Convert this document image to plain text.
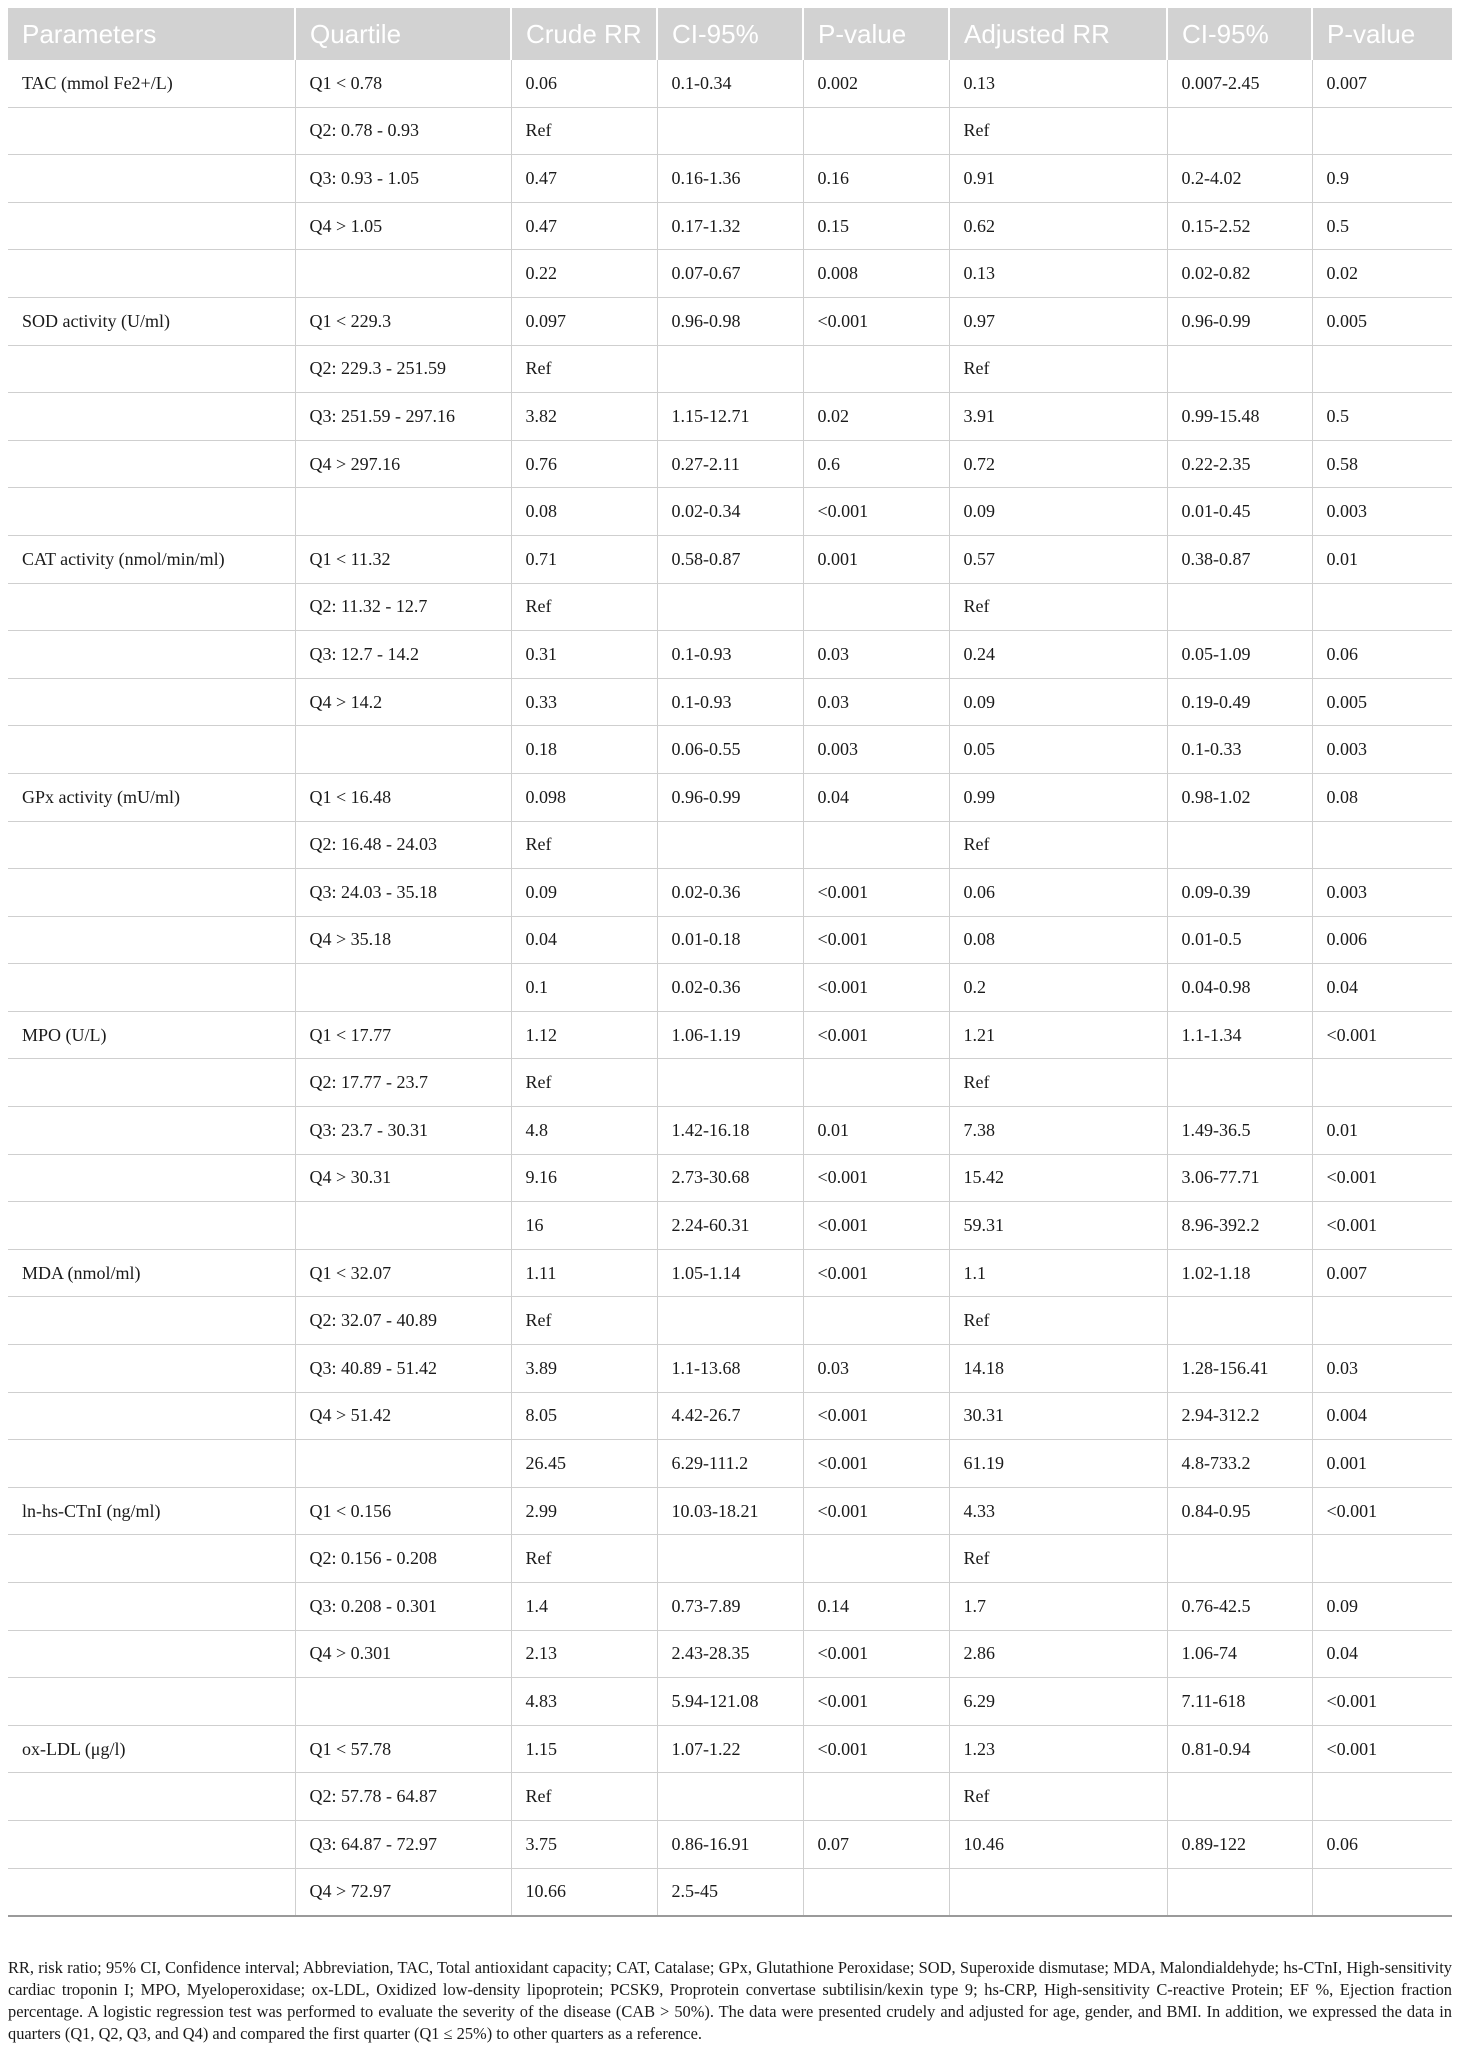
Parameters	Quartile	Crude RR	CI-95%	P-value	Adjusted RR	CI-95%	P-value
TAC (mmol Fe2+/L)	Q1 < 0.78	0.06	0.1-0.34	0.002	0.13	0.007-2.45	0.007
	Q2: 0.78 - 0.93	Ref			Ref		
	Q3: 0.93 - 1.05	0.47	0.16-1.36	0.16	0.91	0.2-4.02	0.9
	Q4 > 1.05	0.47	0.17-1.32	0.15	0.62	0.15-2.52	0.5
		0.22	0.07-0.67	0.008	0.13	0.02-0.82	0.02
SOD activity (U/ml)	Q1 < 229.3	0.097	0.96-0.98	<0.001	0.97	0.96-0.99	0.005
	Q2: 229.3 - 251.59	Ref			Ref		
	Q3: 251.59 - 297.16	3.82	1.15-12.71	0.02	3.91	0.99-15.48	0.5
	Q4 > 297.16	0.76	0.27-2.11	0.6	0.72	0.22-2.35	0.58
		0.08	0.02-0.34	<0.001	0.09	0.01-0.45	0.003
CAT activity (nmol/min/ml)	Q1 < 11.32	0.71	0.58-0.87	0.001	0.57	0.38-0.87	0.01
	Q2: 11.32 - 12.7	Ref			Ref		
	Q3: 12.7 - 14.2	0.31	0.1-0.93	0.03	0.24	0.05-1.09	0.06
	Q4 > 14.2	0.33	0.1-0.93	0.03	0.09	0.19-0.49	0.005
		0.18	0.06-0.55	0.003	0.05	0.1-0.33	0.003
GPx activity (mU/ml)	Q1 < 16.48	0.098	0.96-0.99	0.04	0.99	0.98-1.02	0.08
	Q2: 16.48 - 24.03	Ref			Ref		
	Q3: 24.03 - 35.18	0.09	0.02-0.36	<0.001	0.06	0.09-0.39	0.003
	Q4 > 35.18	0.04	0.01-0.18	<0.001	0.08	0.01-0.5	0.006
		0.1	0.02-0.36	<0.001	0.2	0.04-0.98	0.04
MPO (U/L)	Q1 < 17.77	1.12	1.06-1.19	<0.001	1.21	1.1-1.34	<0.001
	Q2: 17.77 - 23.7	Ref			Ref		
	Q3: 23.7 - 30.31	4.8	1.42-16.18	0.01	7.38	1.49-36.5	0.01
	Q4 > 30.31	9.16	2.73-30.68	<0.001	15.42	3.06-77.71	<0.001
		16	2.24-60.31	<0.001	59.31	8.96-392.2	<0.001
MDA (nmol/ml)	Q1 < 32.07	1.11	1.05-1.14	<0.001	1.1	1.02-1.18	0.007
	Q2: 32.07 - 40.89	Ref			Ref		
	Q3: 40.89 - 51.42	3.89	1.1-13.68	0.03	14.18	1.28-156.41	0.03
	Q4 > 51.42	8.05	4.42-26.7	<0.001	30.31	2.94-312.2	0.004
		26.45	6.29-111.2	<0.001	61.19	4.8-733.2	0.001
ln-hs-CTnI (ng/ml)	Q1 < 0.156	2.99	10.03-18.21	<0.001	4.33	0.84-0.95	<0.001
	Q2: 0.156 - 0.208	Ref			Ref		
	Q3: 0.208 - 0.301	1.4	0.73-7.89	0.14	1.7	0.76-42.5	0.09
	Q4 > 0.301	2.13	2.43-28.35	<0.001	2.86	1.06-74	0.04
		4.83	5.94-121.08	<0.001	6.29	7.11-618	<0.001
ox-LDL (μg/l)	Q1 < 57.78	1.15	1.07-1.22	<0.001	1.23	0.81-0.94	<0.001
	Q2: 57.78 - 64.87	Ref			Ref		
	Q3: 64.87 - 72.97	3.75	0.86-16.91	0.07	10.46	0.89-122	0.06
	Q4 > 72.97	10.66	2.5-45				

RR, risk ratio; 95% CI, Confidence interval; Abbreviation, TAC, Total antioxidant capacity; CAT, Catalase; GPx, Glutathione Peroxidase; SOD, Superoxide dismutase; MDA, Malondialdehyde; hs-CTnI, High-sensitivity cardiac troponin I; MPO, Myeloperoxidase; ox-LDL, Oxidized low-density lipoprotein; PCSK9, Proprotein convertase subtilisin/kexin type 9; hs-CRP, High-sensitivity C-reactive Protein; EF %, Ejection fraction percentage. A logistic regression test was performed to evaluate the severity of the disease (CAB > 50%). The data were presented crudely and adjusted for age, gender, and BMI. In addition, we expressed the data in quarters (Q1, Q2, Q3, and Q4) and compared the first quarter (Q1 ≤ 25%) to other quarters as a reference.
